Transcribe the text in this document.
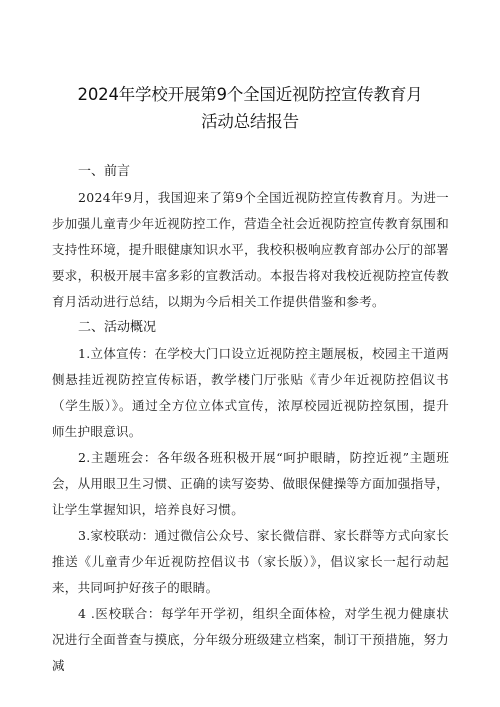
2024年学校开展第9个全国近视防控宣传教育月
活动总结报告

一、前言

2024年9月，我国迎来了第9个全国近视防控宣传教育月。为进一步加强儿童青少年近视防控工作，营造全社会近视防控宣传教育氛围和支持性环境，提升眼健康知识水平，我校积极响应教育部办公厅的部署要求，积极开展丰富多彩的宣教活动。本报告将对我校近视防控宣传教育月活动进行总结，以期为今后相关工作提供借鉴和参考。

二、活动概况

1.立体宣传：在学校大门口设立近视防控主题展板，校园主干道两侧悬挂近视防控宣传标语，教学楼门厅张贴《青少年近视防控倡议书（学生版）》。通过全方位立体式宣传，浓厚校园近视防控氛围，提升师生护眼意识。

2.主题班会：各年级各班积极开展“呵护眼睛，防控近视”主题班会，从用眼卫生习惯、正确的读写姿势、做眼保健操等方面加强指导，让学生掌握知识，培养良好习惯。

3.家校联动：通过微信公众号、家长微信群、家长群等方式向家长推送《儿童青少年近视防控倡议书（家长版）》，倡议家长一起行动起来，共同呵护好孩子的眼睛。

4 .医校联合：每学年开学初，组织全面体检，对学生视力健康状况进行全面普查与摸底，分年级分班级建立档案，制订干预措施，努力减
